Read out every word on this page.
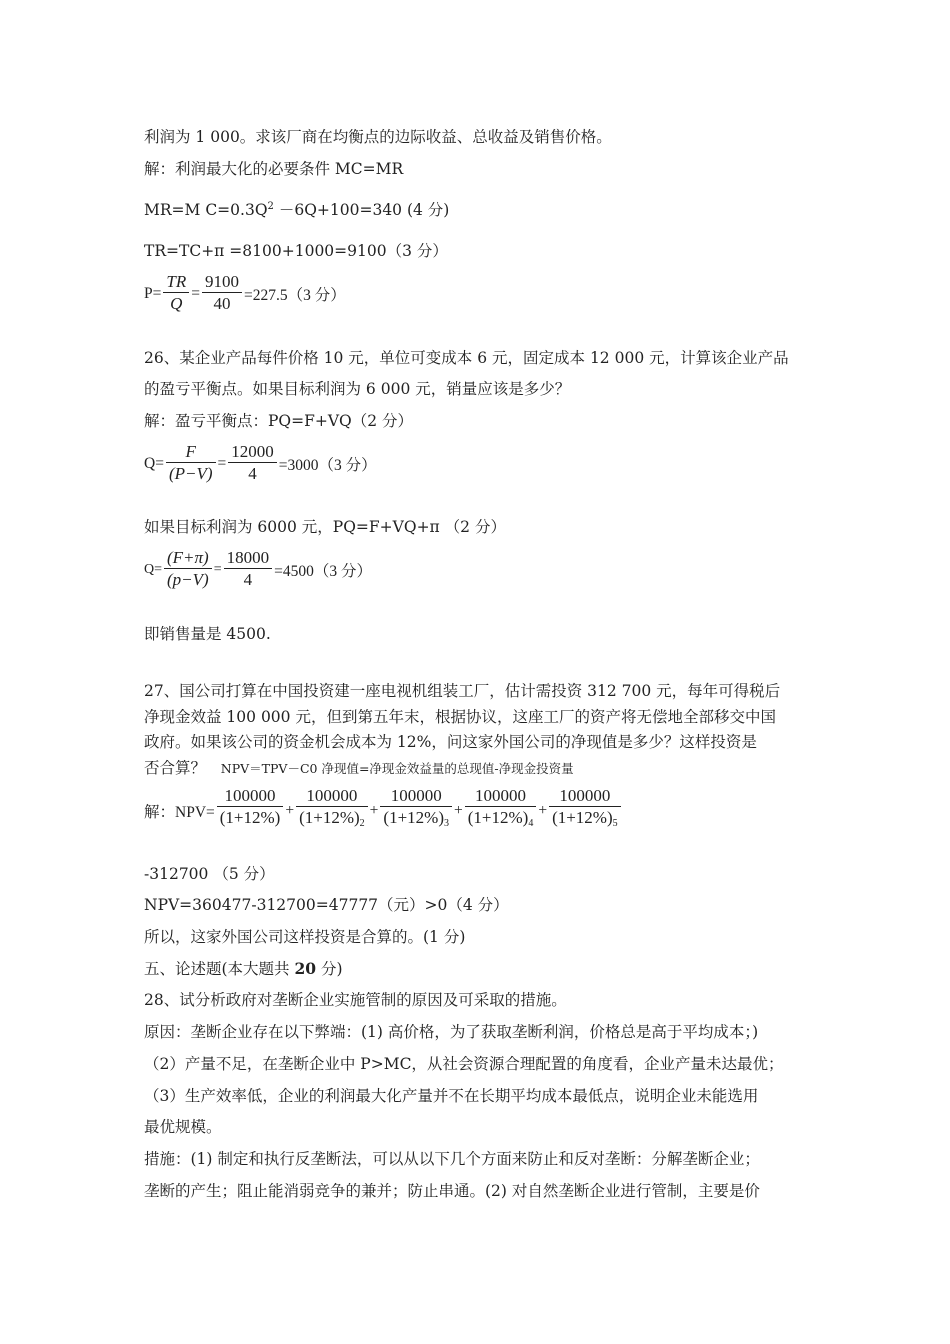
利润为 1 000。求该厂商在均衡点的边际收益、总收益及销售价格。
解：利润最大化的必要条件 MC=MR
MR=M $C=0.3Q^2 -6Q+100=340$ (4 分)
TR=TC+π =8100+1000=9100（3 分）
$P= \frac{TR}{Q} = \frac{9100}{40} =227.5(3$ 分）
26、某企业产品每件价格 10 元，单位可变成本 6 元，固定成本 12 000 元，计算该企业产品
的盈亏平衡点。如果目标利润为 6 000 元，销量应该是多少？
解：盈亏平衡点：PQ=F+VQ（2 分）
$Q= \frac{F}{(P-V)} = \frac{12000}{4} =3000(3$ 分）
如果目标利润为 6000 元，PQ=F+VQ+π （2 分）
$Q= \frac{(F+\pi)}{(p-V)} = \frac{18000}{4} =4500(3$ 分）
即销售量是 4500.
27、国公司打算在中国投资建一座电视机组装工厂，估计需投资 312 700 元，每年可得税后
净现金效益 100 000 元，但到第五年末，根据协议，这座工厂的资产将无偿地全部移交中国
政府。如果该公司的资金机会成本为 12%，问这家外国公司的净现值是多少？这样投资是
否合算？ NPV＝TPV－C0 净现值=净现金效益量的总现值-净现金投资量
解：$NPV= \frac{100000}{(1+12\%)} + \frac{100000}{(1+12\%)_2} + \frac{100000}{(1+12\%)_3} + \frac{100000}{(1+12\%)_4} + \frac{100000}{(1+12\%)_5}$
-312700 （5 分）
NPV=360477-312700=47777（元）>0（4 分）
所以，这家外国公司这样投资是合算的。(1 分)
五、论述题(本大题共 20 分)
28、试分析政府对垄断企业实施管制的原因及可采取的措施。
原因：垄断企业存在以下弊端：(1) 高价格，为了获取垄断利润，价格总是高于平均成本；)
（2）产量不足，在垄断企业中 P>MC，从社会资源合理配置的角度看，企业产量未达最优；
（3）生产效率低，企业的利润最大化产量并不在长期平均成本最低点，说明企业未能选用
最优规模。
措施：(1) 制定和执行反垄断法，可以从以下几个方面来防止和反对垄断：分解垄断企业；
垄断的产生；阻止能消弱竞争的兼并；防止串通。(2) 对自然垄断企业进行管制，主要是价
